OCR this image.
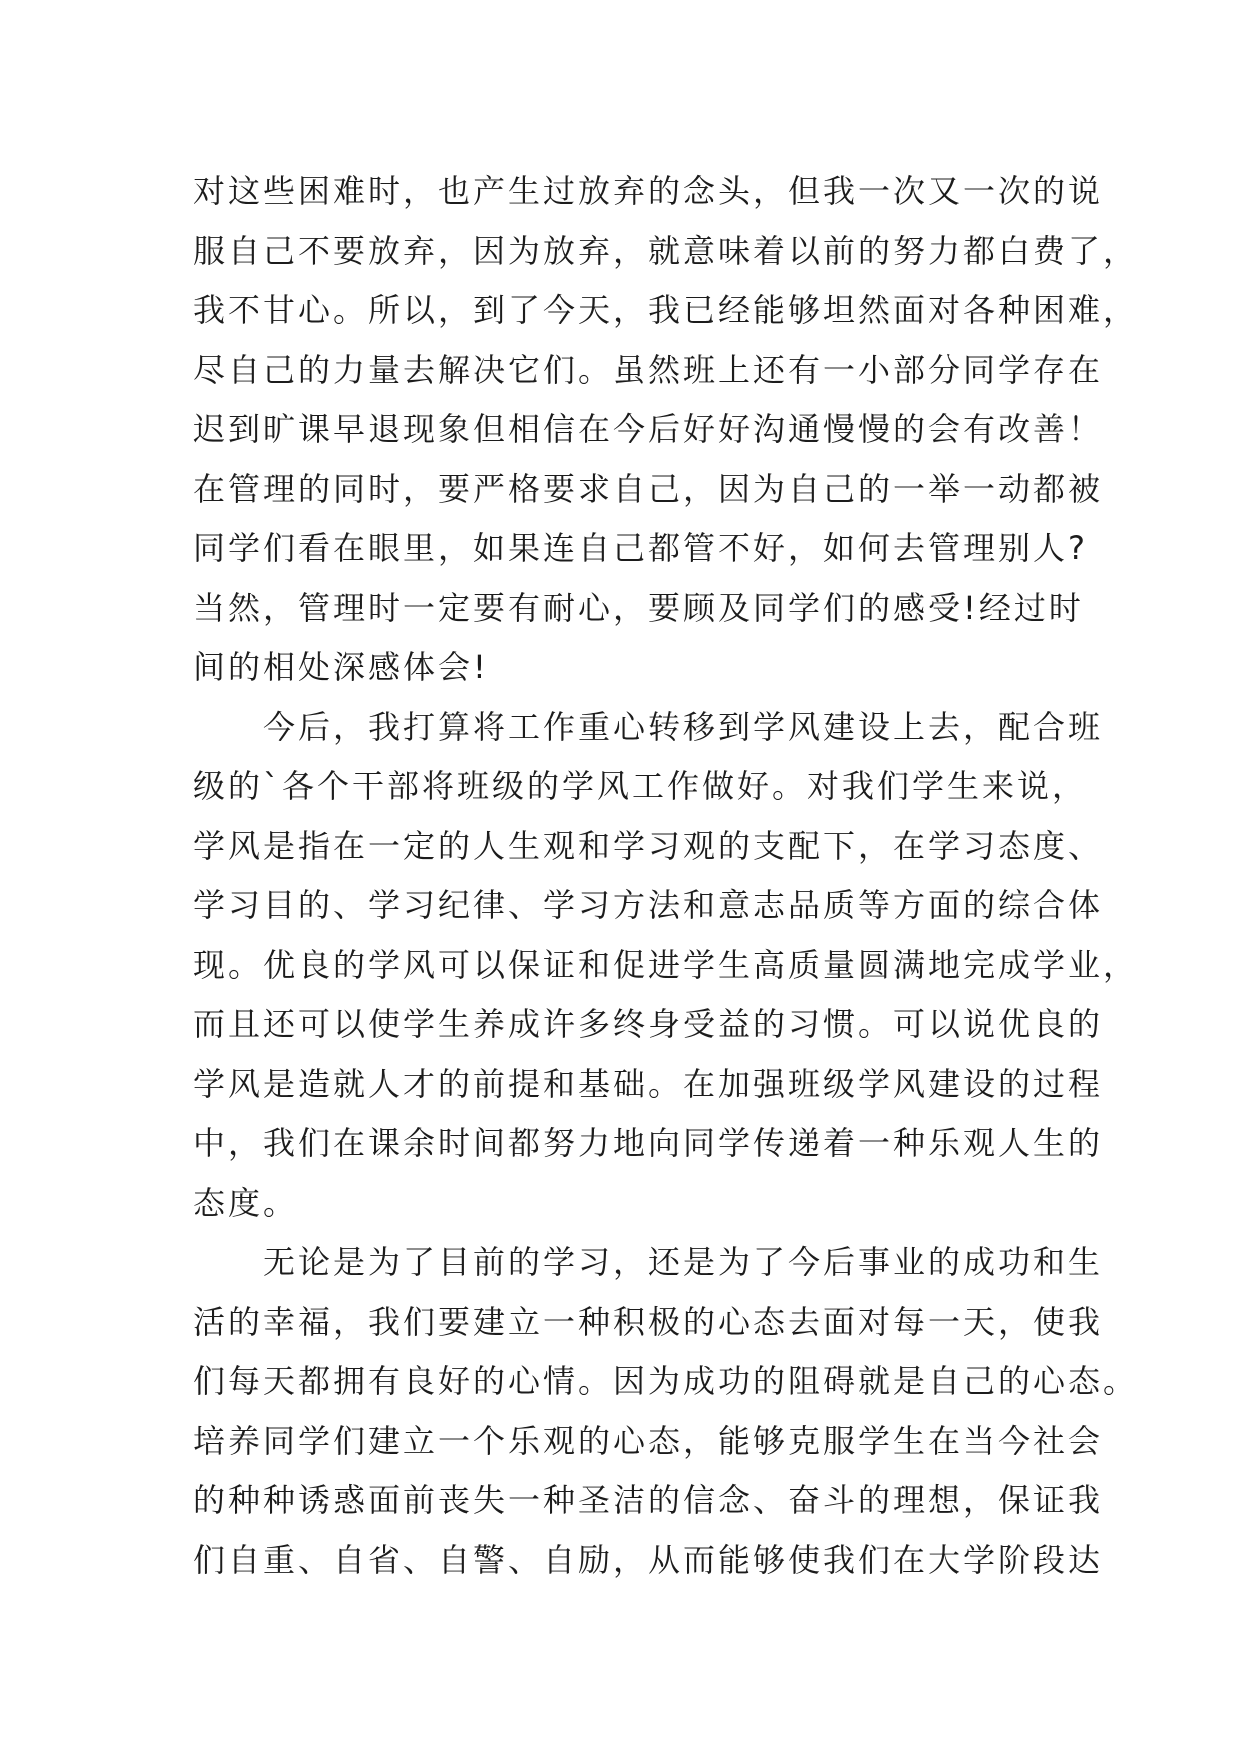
对这些困难时，也产生过放弃的念头，但我一次又一次的说
服自己不要放弃，因为放弃，就意味着以前的努力都白费了，
我不甘心。所以，到了今天，我已经能够坦然面对各种困难，
尽自己的力量去解决它们。虽然班上还有一小部分同学存在
迟到旷课早退现象但相信在今后好好沟通慢慢的会有改善！
在管理的同时，要严格要求自己，因为自己的一举一动都被
同学们看在眼里，如果连自己都管不好，如何去管理别人?
当然，管理时一定要有耐心，要顾及同学们的感受!经过时
间的相处深感体会!
今后，我打算将工作重心转移到学风建设上去，配合班
级的`各个干部将班级的学风工作做好。对我们学生来说，
学风是指在一定的人生观和学习观的支配下，在学习态度、
学习目的、学习纪律、学习方法和意志品质等方面的综合体
现。优良的学风可以保证和促进学生高质量圆满地完成学业，
而且还可以使学生养成许多终身受益的习惯。可以说优良的
学风是造就人才的前提和基础。在加强班级学风建设的过程
中，我们在课余时间都努力地向同学传递着一种乐观人生的
态度。
无论是为了目前的学习，还是为了今后事业的成功和生
活的幸福，我们要建立一种积极的心态去面对每一天，使我
们每天都拥有良好的心情。因为成功的阻碍就是自己的心态。
培养同学们建立一个乐观的心态，能够克服学生在当今社会
的种种诱惑面前丧失一种圣洁的信念、奋斗的理想，保证我
们自重、自省、自警、自励，从而能够使我们在大学阶段达
